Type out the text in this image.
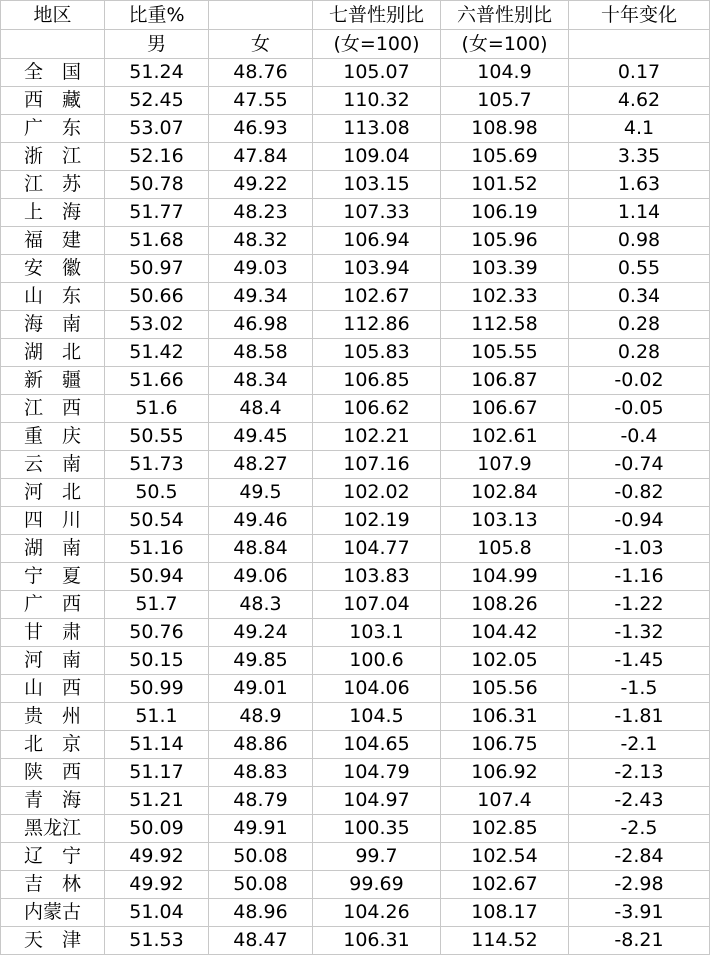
地区	比重%		七普性别比	六普性别比	十年变化
	男	女	(女=100)	(女=100)	
全　国	51.24	48.76	105.07	104.9	0.17
西　藏	52.45	47.55	110.32	105.7	4.62
广　东	53.07	46.93	113.08	108.98	4.1
浙　江	52.16	47.84	109.04	105.69	3.35
江　苏	50.78	49.22	103.15	101.52	1.63
上　海	51.77	48.23	107.33	106.19	1.14
福　建	51.68	48.32	106.94	105.96	0.98
安　徽	50.97	49.03	103.94	103.39	0.55
山　东	50.66	49.34	102.67	102.33	0.34
海　南	53.02	46.98	112.86	112.58	0.28
湖　北	51.42	48.58	105.83	105.55	0.28
新　疆	51.66	48.34	106.85	106.87	-0.02
江　西	51.6	48.4	106.62	106.67	-0.05
重　庆	50.55	49.45	102.21	102.61	-0.4
云　南	51.73	48.27	107.16	107.9	-0.74
河　北	50.5	49.5	102.02	102.84	-0.82
四　川	50.54	49.46	102.19	103.13	-0.94
湖　南	51.16	48.84	104.77	105.8	-1.03
宁　夏	50.94	49.06	103.83	104.99	-1.16
广　西	51.7	48.3	107.04	108.26	-1.22
甘　肃	50.76	49.24	103.1	104.42	-1.32
河　南	50.15	49.85	100.6	102.05	-1.45
山　西	50.99	49.01	104.06	105.56	-1.5
贵　州	51.1	48.9	104.5	106.31	-1.81
北　京	51.14	48.86	104.65	106.75	-2.1
陕　西	51.17	48.83	104.79	106.92	-2.13
青　海	51.21	48.79	104.97	107.4	-2.43
黑龙江	50.09	49.91	100.35	102.85	-2.5
辽　宁	49.92	50.08	99.7	102.54	-2.84
吉　林	49.92	50.08	99.69	102.67	-2.98
内蒙古	51.04	48.96	104.26	108.17	-3.91
天　津	51.53	48.47	106.31	114.52	-8.21
